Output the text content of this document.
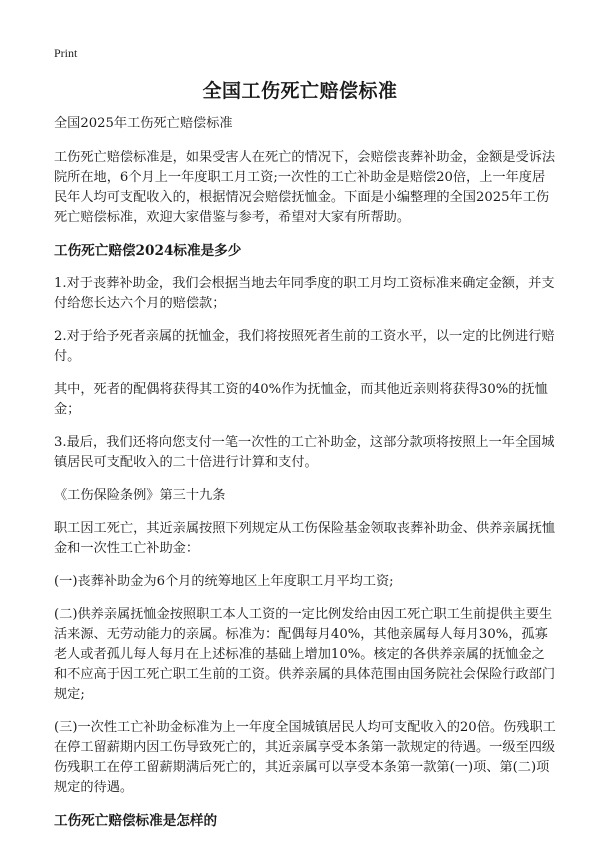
Print
全国工伤死亡赔偿标准

全国2025年工伤死亡赔偿标准

工伤死亡赔偿标准是，如果受害人在死亡的情况下，会赔偿丧葬补助金，金额是受诉法院所在地，6个月上一年度职工月工资;一次性的工亡补助金是赔偿20倍，上一年度居民年人均可支配收入的，根据情况会赔偿抚恤金。下面是小编整理的全国2025年工伤死亡赔偿标准，欢迎大家借鉴与参考，希望对大家有所帮助。

工伤死亡赔偿2024标准是多少

1.对于丧葬补助金，我们会根据当地去年同季度的职工月均工资标准来确定金额，并支付给您长达六个月的赔偿款；

2.对于给予死者亲属的抚恤金，我们将按照死者生前的工资水平，以一定的比例进行赔付。

其中，死者的配偶将获得其工资的40%作为抚恤金，而其他近亲则将获得30%的抚恤金；

3.最后，我们还将向您支付一笔一次性的工亡补助金，这部分款项将按照上一年全国城镇居民可支配收入的二十倍进行计算和支付。

《工伤保险条例》第三十九条

职工因工死亡，其近亲属按照下列规定从工伤保险基金领取丧葬补助金、供养亲属抚恤金和一次性工亡补助金：

(一)丧葬补助金为6个月的统筹地区上年度职工月平均工资;

(二)供养亲属抚恤金按照职工本人工资的一定比例发给由因工死亡职工生前提供主要生活来源、无劳动能力的亲属。标准为：配偶每月40%，其他亲属每人每月30%，孤寡老人或者孤儿每人每月在上述标准的基础上增加10%。核定的各供养亲属的抚恤金之和不应高于因工死亡职工生前的工资。供养亲属的具体范围由国务院社会保险行政部门规定;

(三)一次性工亡补助金标准为上一年度全国城镇居民人均可支配收入的20倍。伤残职工在停工留薪期内因工伤导致死亡的，其近亲属享受本条第一款规定的待遇。一级至四级伤残职工在停工留薪期满后死亡的，其近亲属可以享受本条第一款第(一)项、第(二)项规定的待遇。

工伤死亡赔偿标准是怎样的
